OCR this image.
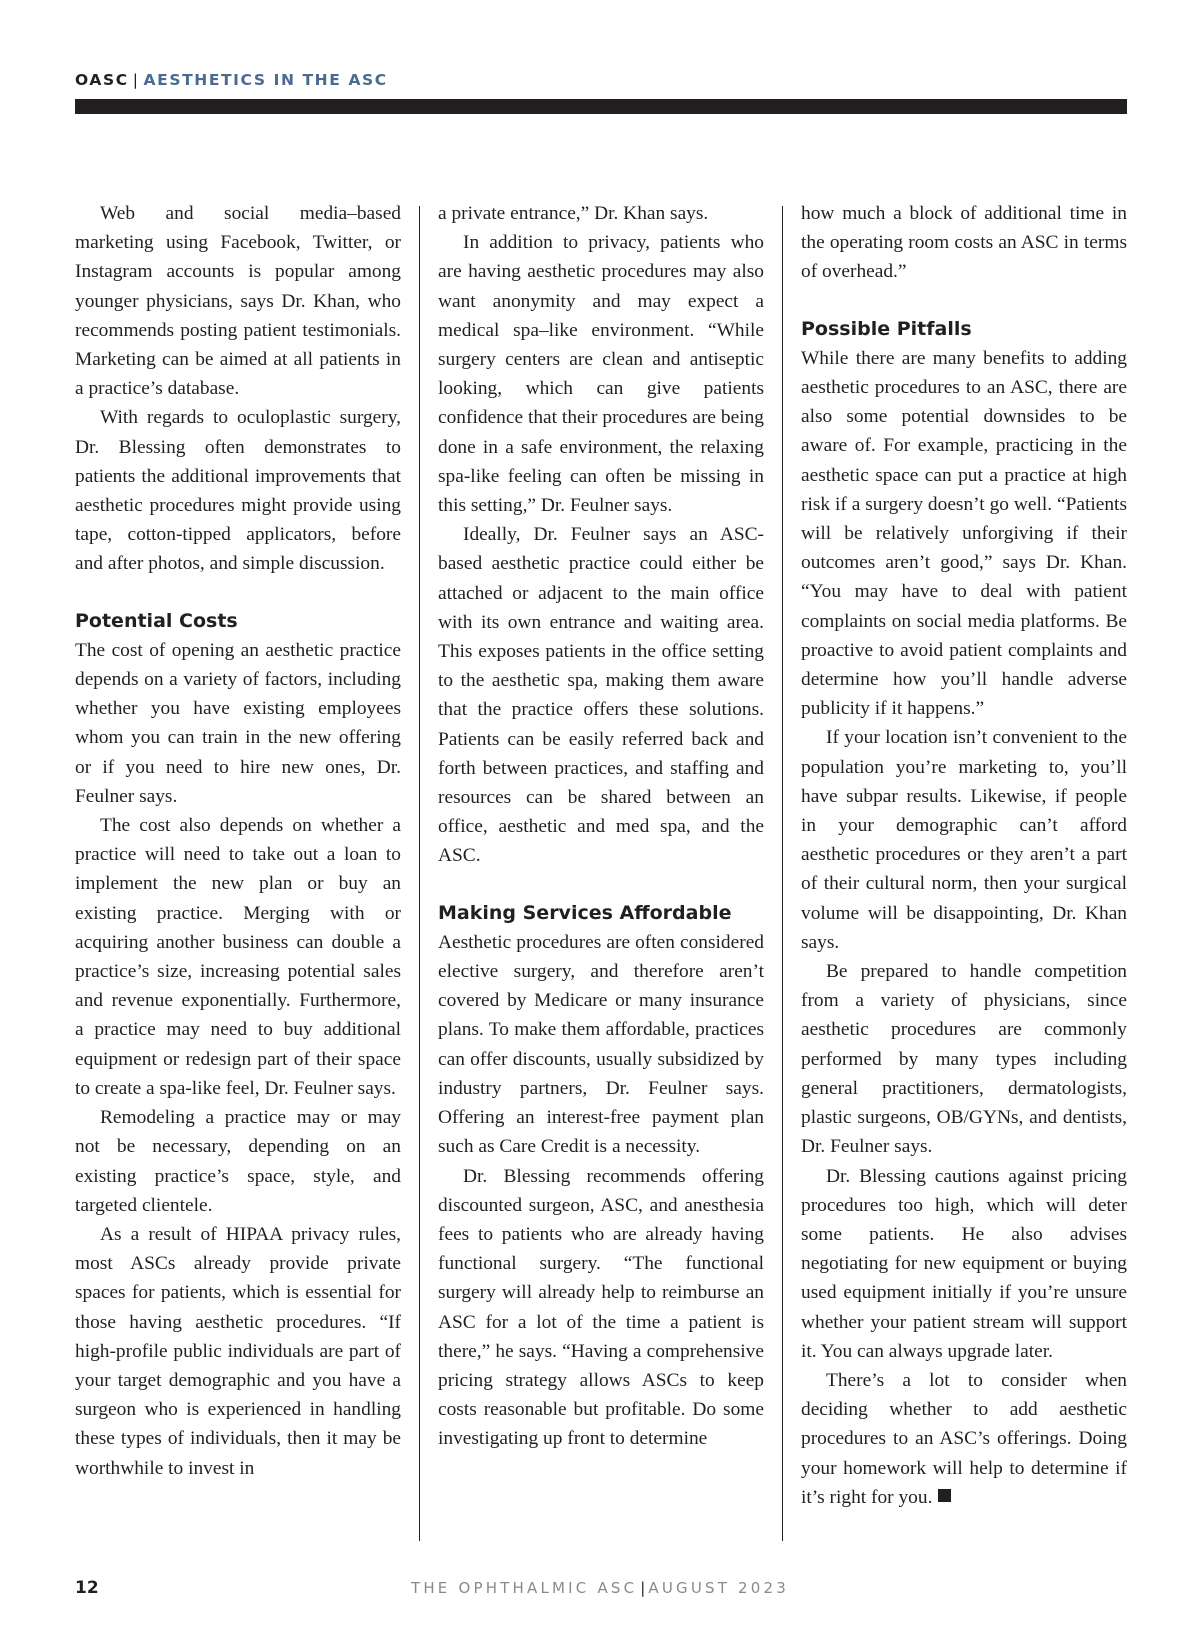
OASC | AESTHETICS IN THE ASC

Web and social media–based marketing using Facebook, Twitter, or Instagram accounts is popular among younger physicians, says Dr. Khan, who recommends posting patient testimonials. Marketing can be aimed at all patients in a practice’s database.

With regards to oculoplastic surgery, Dr. Blessing often demonstrates to patients the additional improvements that aesthetic procedures might provide using tape, cotton-tipped applicators, before and after photos, and simple discussion.

Potential Costs

The cost of opening an aesthetic practice depends on a variety of factors, including whether you have existing employees whom you can train in the new offering or if you need to hire new ones, Dr. Feulner says.

The cost also depends on whether a practice will need to take out a loan to implement the new plan or buy an existing practice. Merging with or acquiring another business can double a practice’s size, increasing potential sales and revenue exponentially. Furthermore, a practice may need to buy additional equipment or redesign part of their space to create a spa-like feel, Dr. Feulner says.

Remodeling a practice may or may not be necessary, depending on an existing practice’s space, style, and targeted clientele.

As a result of HIPAA privacy rules, most ASCs already provide private spaces for patients, which is essential for those having aesthetic procedures. “If high-profile public individuals are part of your target demographic and you have a surgeon who is experienced in handling these types of individuals, then it may be worthwhile to invest in

a private entrance,” Dr. Khan says.

In addition to privacy, patients who are having aesthetic procedures may also want anonymity and may expect a medical spa–like environment. “While surgery centers are clean and antiseptic looking, which can give patients confidence that their procedures are being done in a safe environment, the relaxing spa-like feeling can often be missing in this setting,” Dr. Feulner says.

Ideally, Dr. Feulner says an ASC-based aesthetic practice could either be attached or adjacent to the main office with its own entrance and waiting area. This exposes patients in the office setting to the aesthetic spa, making them aware that the practice offers these solutions. Patients can be easily referred back and forth between practices, and staffing and resources can be shared between an office, aesthetic and med spa, and the ASC.

Making Services Affordable

Aesthetic procedures are often considered elective surgery, and therefore aren’t covered by Medicare or many insurance plans. To make them affordable, practices can offer discounts, usually subsidized by industry partners, Dr. Feulner says. Offering an interest-free payment plan such as Care Credit is a necessity.

Dr. Blessing recommends offering discounted surgeon, ASC, and anesthesia fees to patients who are already having functional surgery. “The functional surgery will already help to reimburse an ASC for a lot of the time a patient is there,” he says. “Having a comprehensive pricing strategy allows ASCs to keep costs reasonable but profitable. Do some investigating up front to determine

how much a block of additional time in the operating room costs an ASC in terms of overhead.”

Possible Pitfalls

While there are many benefits to adding aesthetic procedures to an ASC, there are also some potential downsides to be aware of. For example, practicing in the aesthetic space can put a practice at high risk if a surgery doesn’t go well. “Patients will be relatively unforgiving if their outcomes aren’t good,” says Dr. Khan. “You may have to deal with patient complaints on social media platforms. Be proactive to avoid patient complaints and determine how you’ll handle adverse publicity if it happens.”

If your location isn’t convenient to the population you’re marketing to, you’ll have subpar results. Likewise, if people in your demographic can’t afford aesthetic procedures or they aren’t a part of their cultural norm, then your surgical volume will be disappointing, Dr. Khan says.

Be prepared to handle competition from a variety of physicians, since aesthetic procedures are commonly performed by many types including general practitioners, dermatologists, plastic surgeons, OB/GYNs, and dentists, Dr. Feulner says.

Dr. Blessing cautions against pricing procedures too high, which will deter some patients. He also advises negotiating for new equipment or buying used equipment initially if you’re unsure whether your patient stream will support it. You can always upgrade later.

There’s a lot to consider when deciding whether to add aesthetic procedures to an ASC’s offerings. Doing your homework will help to determine if it’s right for you.

12	THE OPHTHALMIC ASC | AUGUST 2023
